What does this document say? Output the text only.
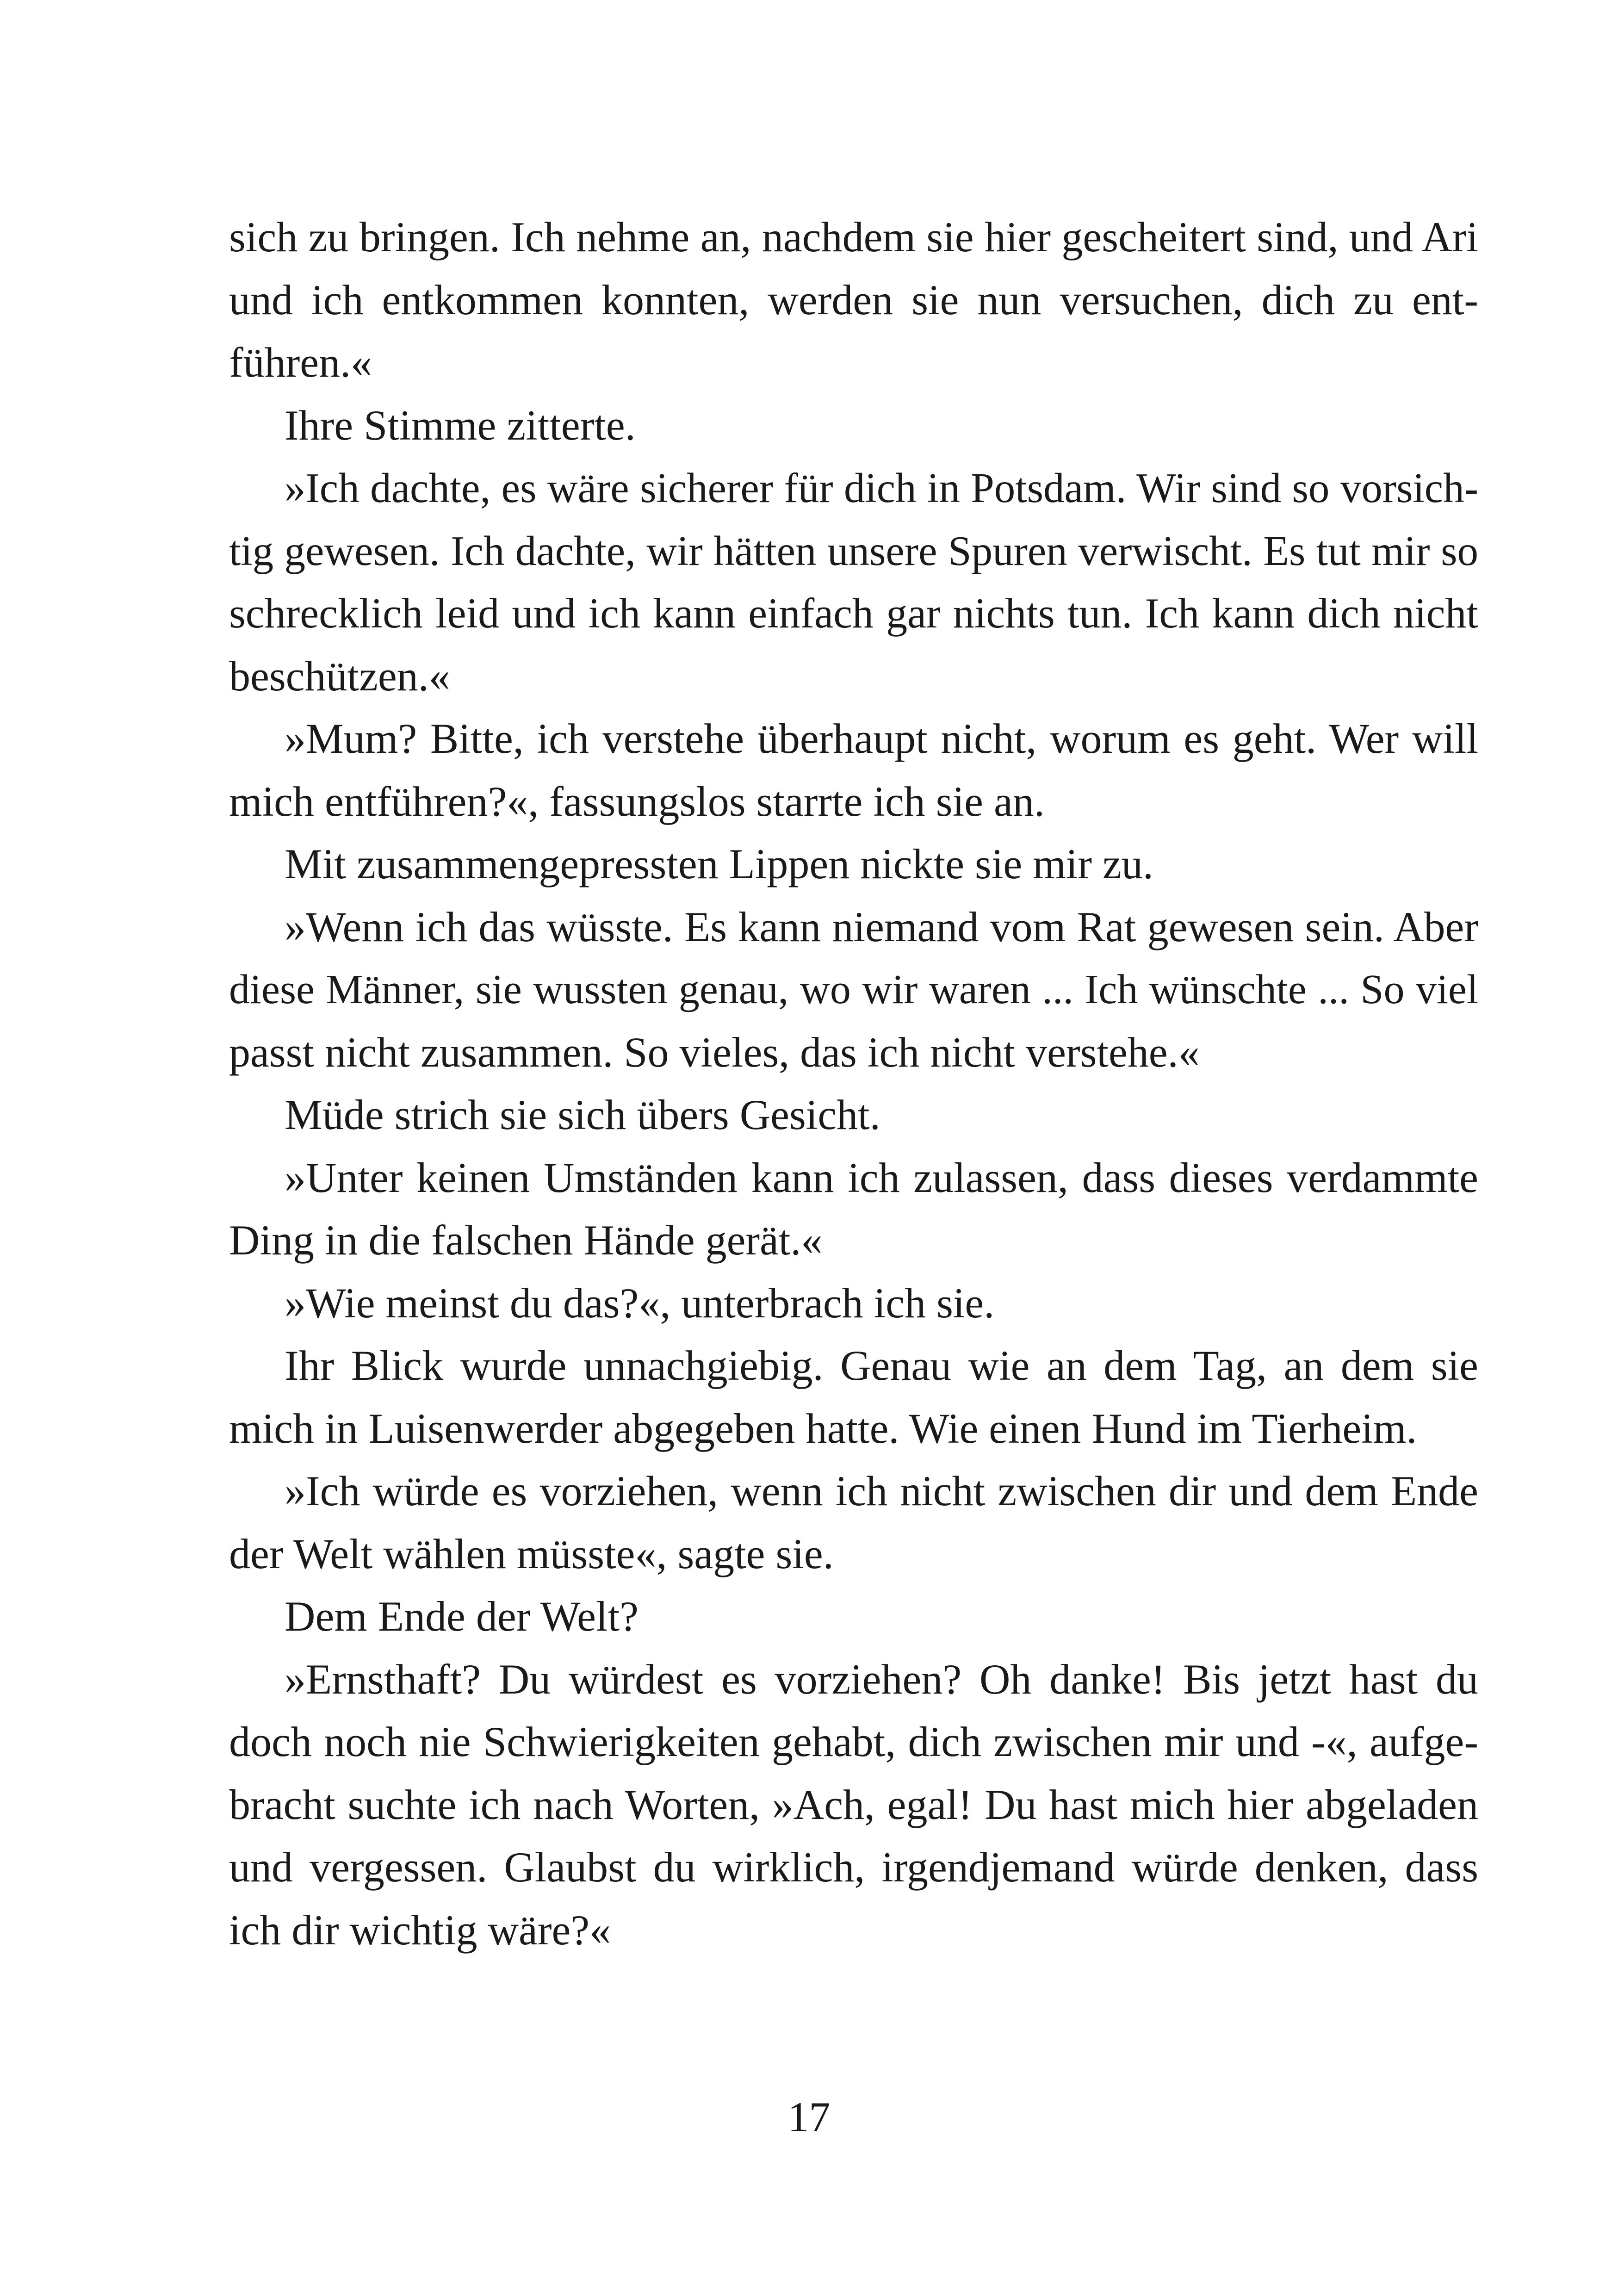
sich zu bringen. Ich nehme an, nachdem sie hier gescheitert sind, und Ari
und ich entkommen konnten, werden sie nun versuchen, dich zu ent-
führen.«
Ihre Stimme zitterte.
»Ich dachte, es wäre sicherer für dich in Potsdam. Wir sind so vorsich-
tig gewesen. Ich dachte, wir hätten unsere Spuren verwischt. Es tut mir so
schrecklich leid und ich kann einfach gar nichts tun. Ich kann dich nicht
beschützen.«
»Mum? Bitte, ich verstehe überhaupt nicht, worum es geht. Wer will
mich entführen?«, fassungslos starrte ich sie an.
Mit zusammengepressten Lippen nickte sie mir zu.
»Wenn ich das wüsste. Es kann niemand vom Rat gewesen sein. Aber
diese Männer, sie wussten genau, wo wir waren ... Ich wünschte ... So viel
passt nicht zusammen. So vieles, das ich nicht verstehe.«
Müde strich sie sich übers Gesicht.
»Unter keinen Umständen kann ich zulassen, dass dieses verdammte
Ding in die falschen Hände gerät.«
»Wie meinst du das?«, unterbrach ich sie.
Ihr Blick wurde unnachgiebig. Genau wie an dem Tag, an dem sie
mich in Luisenwerder abgegeben hatte. Wie einen Hund im Tierheim.
»Ich würde es vorziehen, wenn ich nicht zwischen dir und dem Ende
der Welt wählen müsste«, sagte sie.
Dem Ende der Welt?
»Ernsthaft? Du würdest es vorziehen? Oh danke! Bis jetzt hast du
doch noch nie Schwierigkeiten gehabt, dich zwischen mir und -«, aufge-
bracht suchte ich nach Worten, »Ach, egal! Du hast mich hier abgeladen
und vergessen. Glaubst du wirklich, irgendjemand würde denken, dass
ich dir wichtig wäre?«
17
